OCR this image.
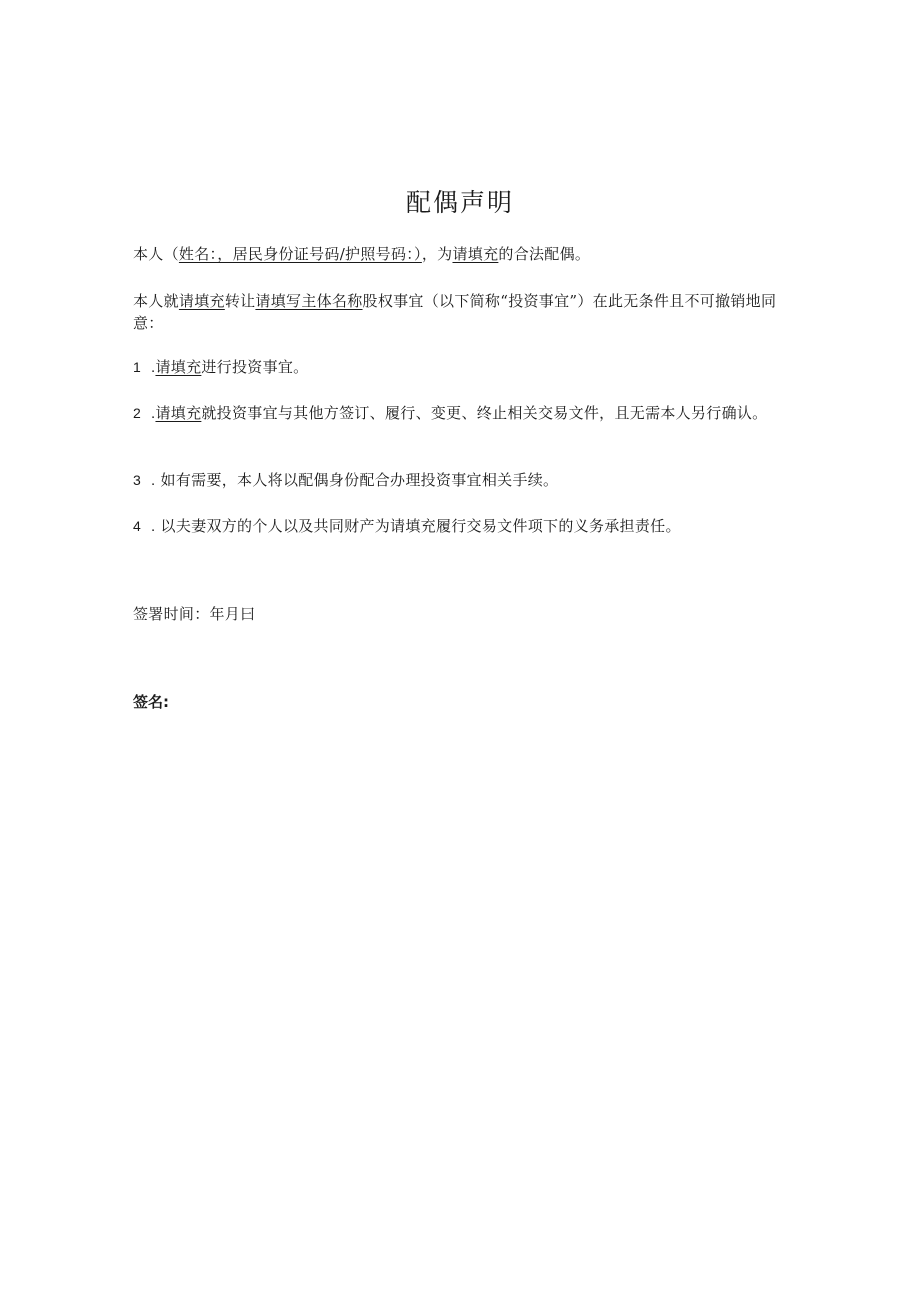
配偶声明
本人（姓名：，居民身份证号码/护照号码：），为请填充的合法配偶。
本人就请填充转让请填写主体名称股权事宜（以下简称“投资事宜”）在此无条件且不可撤销地同意：
1 .请填充进行投资事宜。
2 .请填充就投资事宜与其他方签订、履行、变更、终止相关交易文件，且无需本人另行确认。
3 . 如有需要，本人将以配偶身份配合办理投资事宜相关手续。
4 . 以夫妻双方的个人以及共同财产为请填充履行交易文件项下的义务承担责任。
签署时间：年月曰
签名:
